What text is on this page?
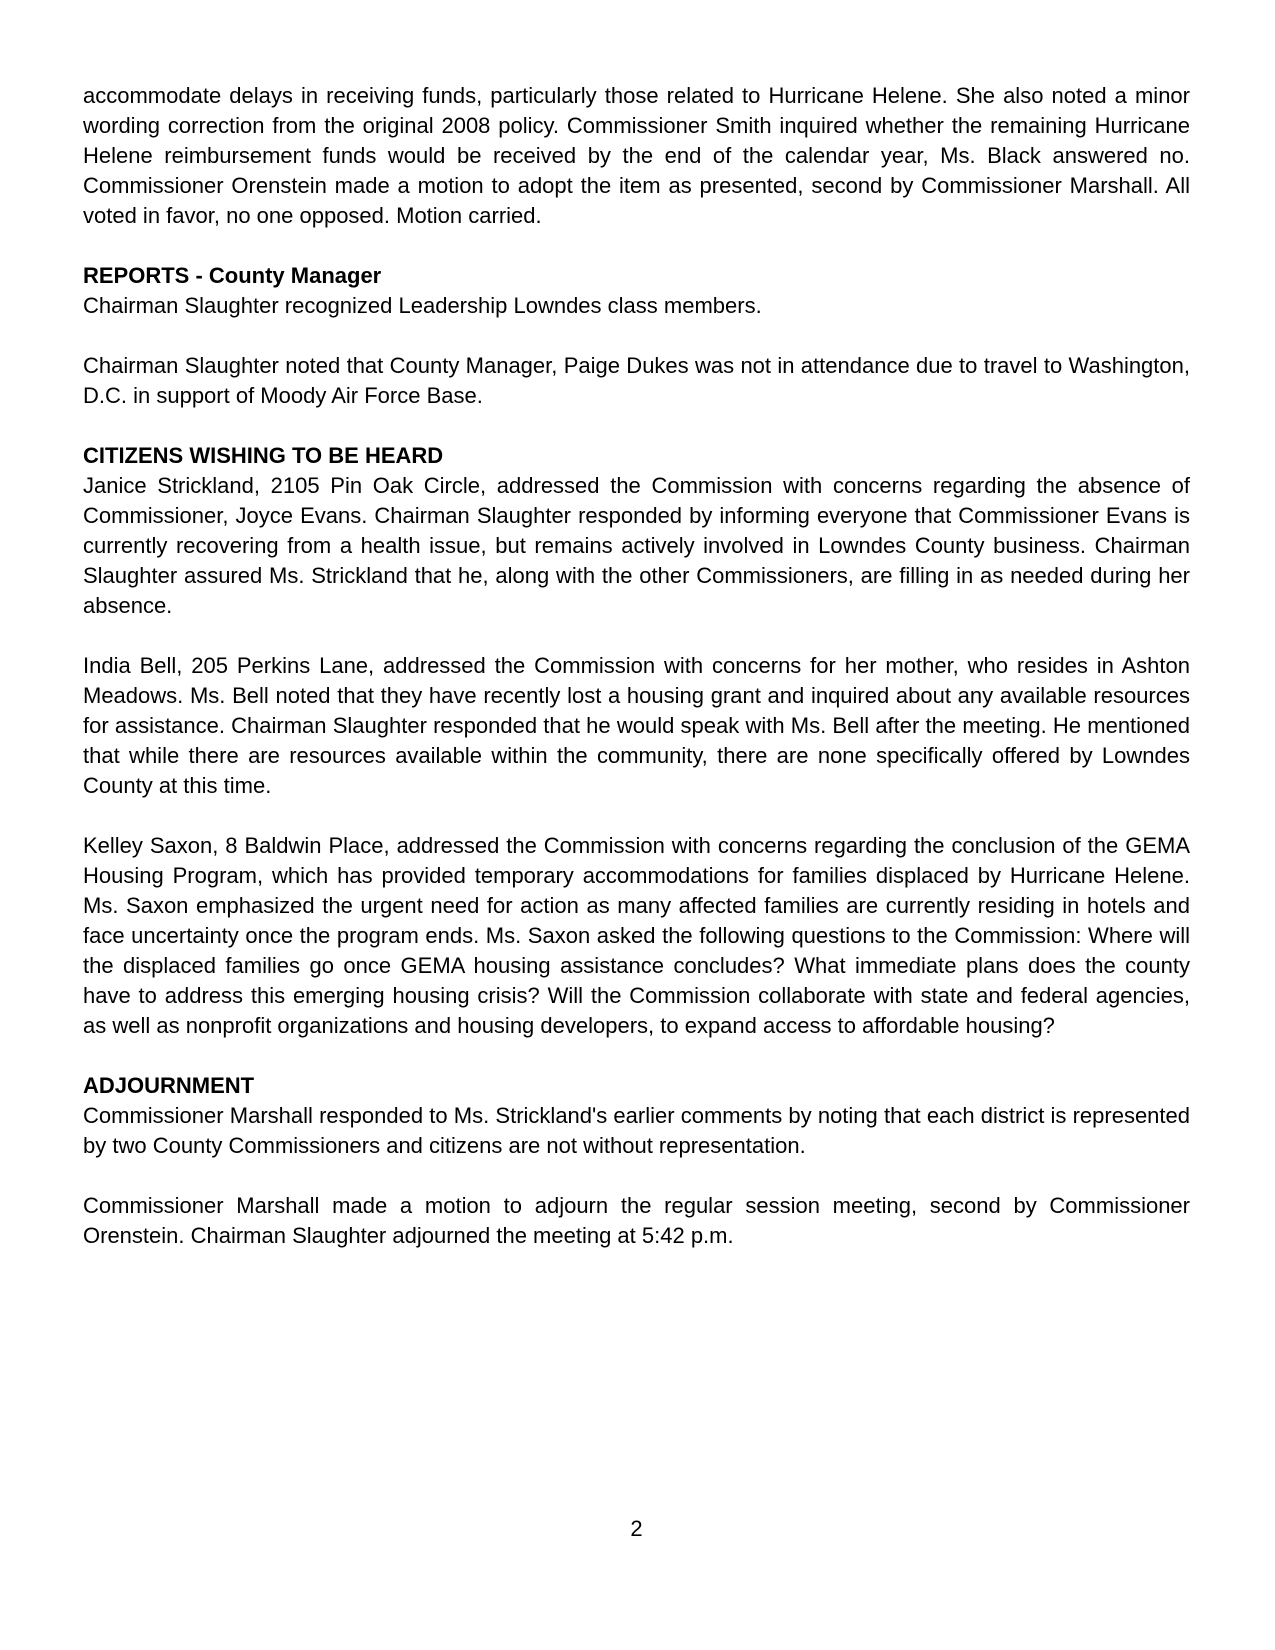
accommodate delays in receiving funds, particularly those related to Hurricane Helene. She also noted a minor wording correction from the original 2008 policy. Commissioner Smith inquired whether the remaining Hurricane Helene reimbursement funds would be received by the end of the calendar year, Ms. Black answered no. Commissioner Orenstein made a motion to adopt the item as presented, second by Commissioner Marshall. All voted in favor, no one opposed. Motion carried.

REPORTS - County Manager

Chairman Slaughter recognized Leadership Lowndes class members.

Chairman Slaughter noted that County Manager, Paige Dukes was not in attendance due to travel to Washington, D.C. in support of Moody Air Force Base.

CITIZENS WISHING TO BE HEARD

Janice Strickland, 2105 Pin Oak Circle, addressed the Commission with concerns regarding the absence of Commissioner, Joyce Evans. Chairman Slaughter responded by informing everyone that Commissioner Evans is currently recovering from a health issue, but remains actively involved in Lowndes County business. Chairman Slaughter assured Ms. Strickland that he, along with the other Commissioners, are filling in as needed during her absence.

India Bell, 205 Perkins Lane, addressed the Commission with concerns for her mother, who resides in Ashton Meadows. Ms. Bell noted that they have recently lost a housing grant and inquired about any available resources for assistance. Chairman Slaughter responded that he would speak with Ms. Bell after the meeting. He mentioned that while there are resources available within the community, there are none specifically offered by Lowndes County at this time.

Kelley Saxon, 8 Baldwin Place, addressed the Commission with concerns regarding the conclusion of the GEMA Housing Program, which has provided temporary accommodations for families displaced by Hurricane Helene. Ms. Saxon emphasized the urgent need for action as many affected families are currently residing in hotels and face uncertainty once the program ends. Ms. Saxon asked the following questions to the Commission: Where will the displaced families go once GEMA housing assistance concludes? What immediate plans does the county have to address this emerging housing crisis? Will the Commission collaborate with state and federal agencies, as well as nonprofit organizations and housing developers, to expand access to affordable housing?

ADJOURNMENT

Commissioner Marshall responded to Ms. Strickland's earlier comments by noting that each district is represented by two County Commissioners and citizens are not without representation.

Commissioner Marshall made a motion to adjourn the regular session meeting, second by Commissioner Orenstein. Chairman Slaughter adjourned the meeting at 5:42 p.m.

2
